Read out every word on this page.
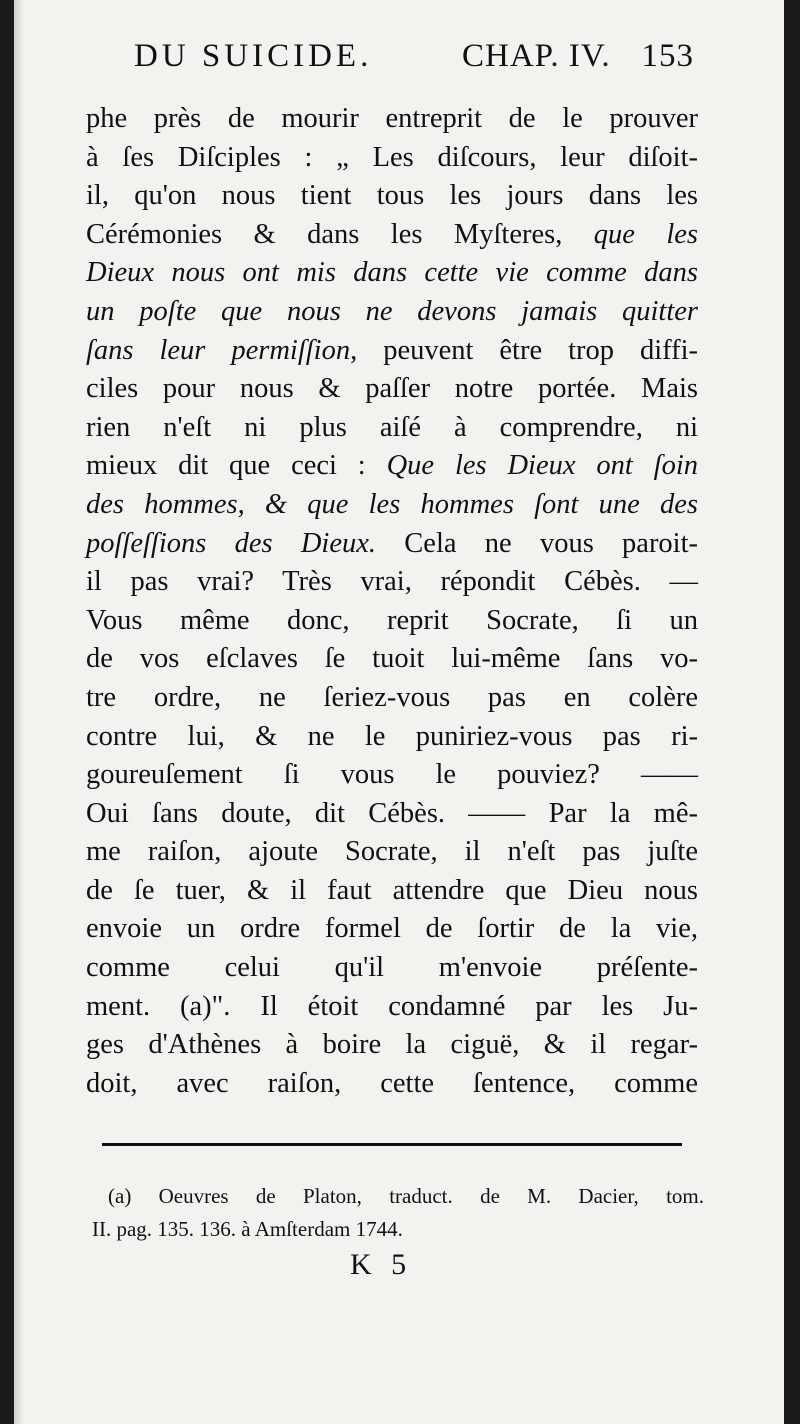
DU SUICIDE.	CHAP. IV. 153
phe près de mourir entreprit de le prouver
à ſes Diſciples : „ Les diſcours, leur diſoit-
il, qu'on nous tient tous les jours dans les
Cérémonies & dans les Myſteres, que les
Dieux nous ont mis dans cette vie comme dans
un poſte que nous ne devons jamais quitter
ſans leur permiſſion, peuvent être trop diffi-
ciles pour nous & paſſer notre portée. Mais
rien n'eſt ni plus aiſé à comprendre, ni
mieux dit que ceci : Que les Dieux ont ſoin
des hommes, & que les hommes ſont une des
poſſeſſions des Dieux. Cela ne vous paroit-
il pas vrai? Très vrai, répondit Cébès. —
Vous même donc, reprit Socrate, ſi un
de vos eſclaves ſe tuoit lui-même ſans vo-
tre ordre, ne ſeriez-vous pas en colère
contre lui, & ne le puniriez-vous pas ri-
goureuſement ſi vous le pouviez? ——
Oui ſans doute, dit Cébès. —— Par la mê-
me raiſon, ajoute Socrate, il n'eſt pas juſte
de ſe tuer, & il faut attendre que Dieu nous
envoie un ordre formel de ſortir de la vie,
comme celui qu'il m'envoie préſente-
ment. (a)". Il étoit condamné par les Ju-
ges d'Athènes à boire la ciguë, & il regar-
doit, avec raiſon, cette ſentence, comme
(a) Oeuvres de Platon, traduct. de M. Dacier, tom.
II. pag. 135. 136. à Amſterdam 1744.
K 5
